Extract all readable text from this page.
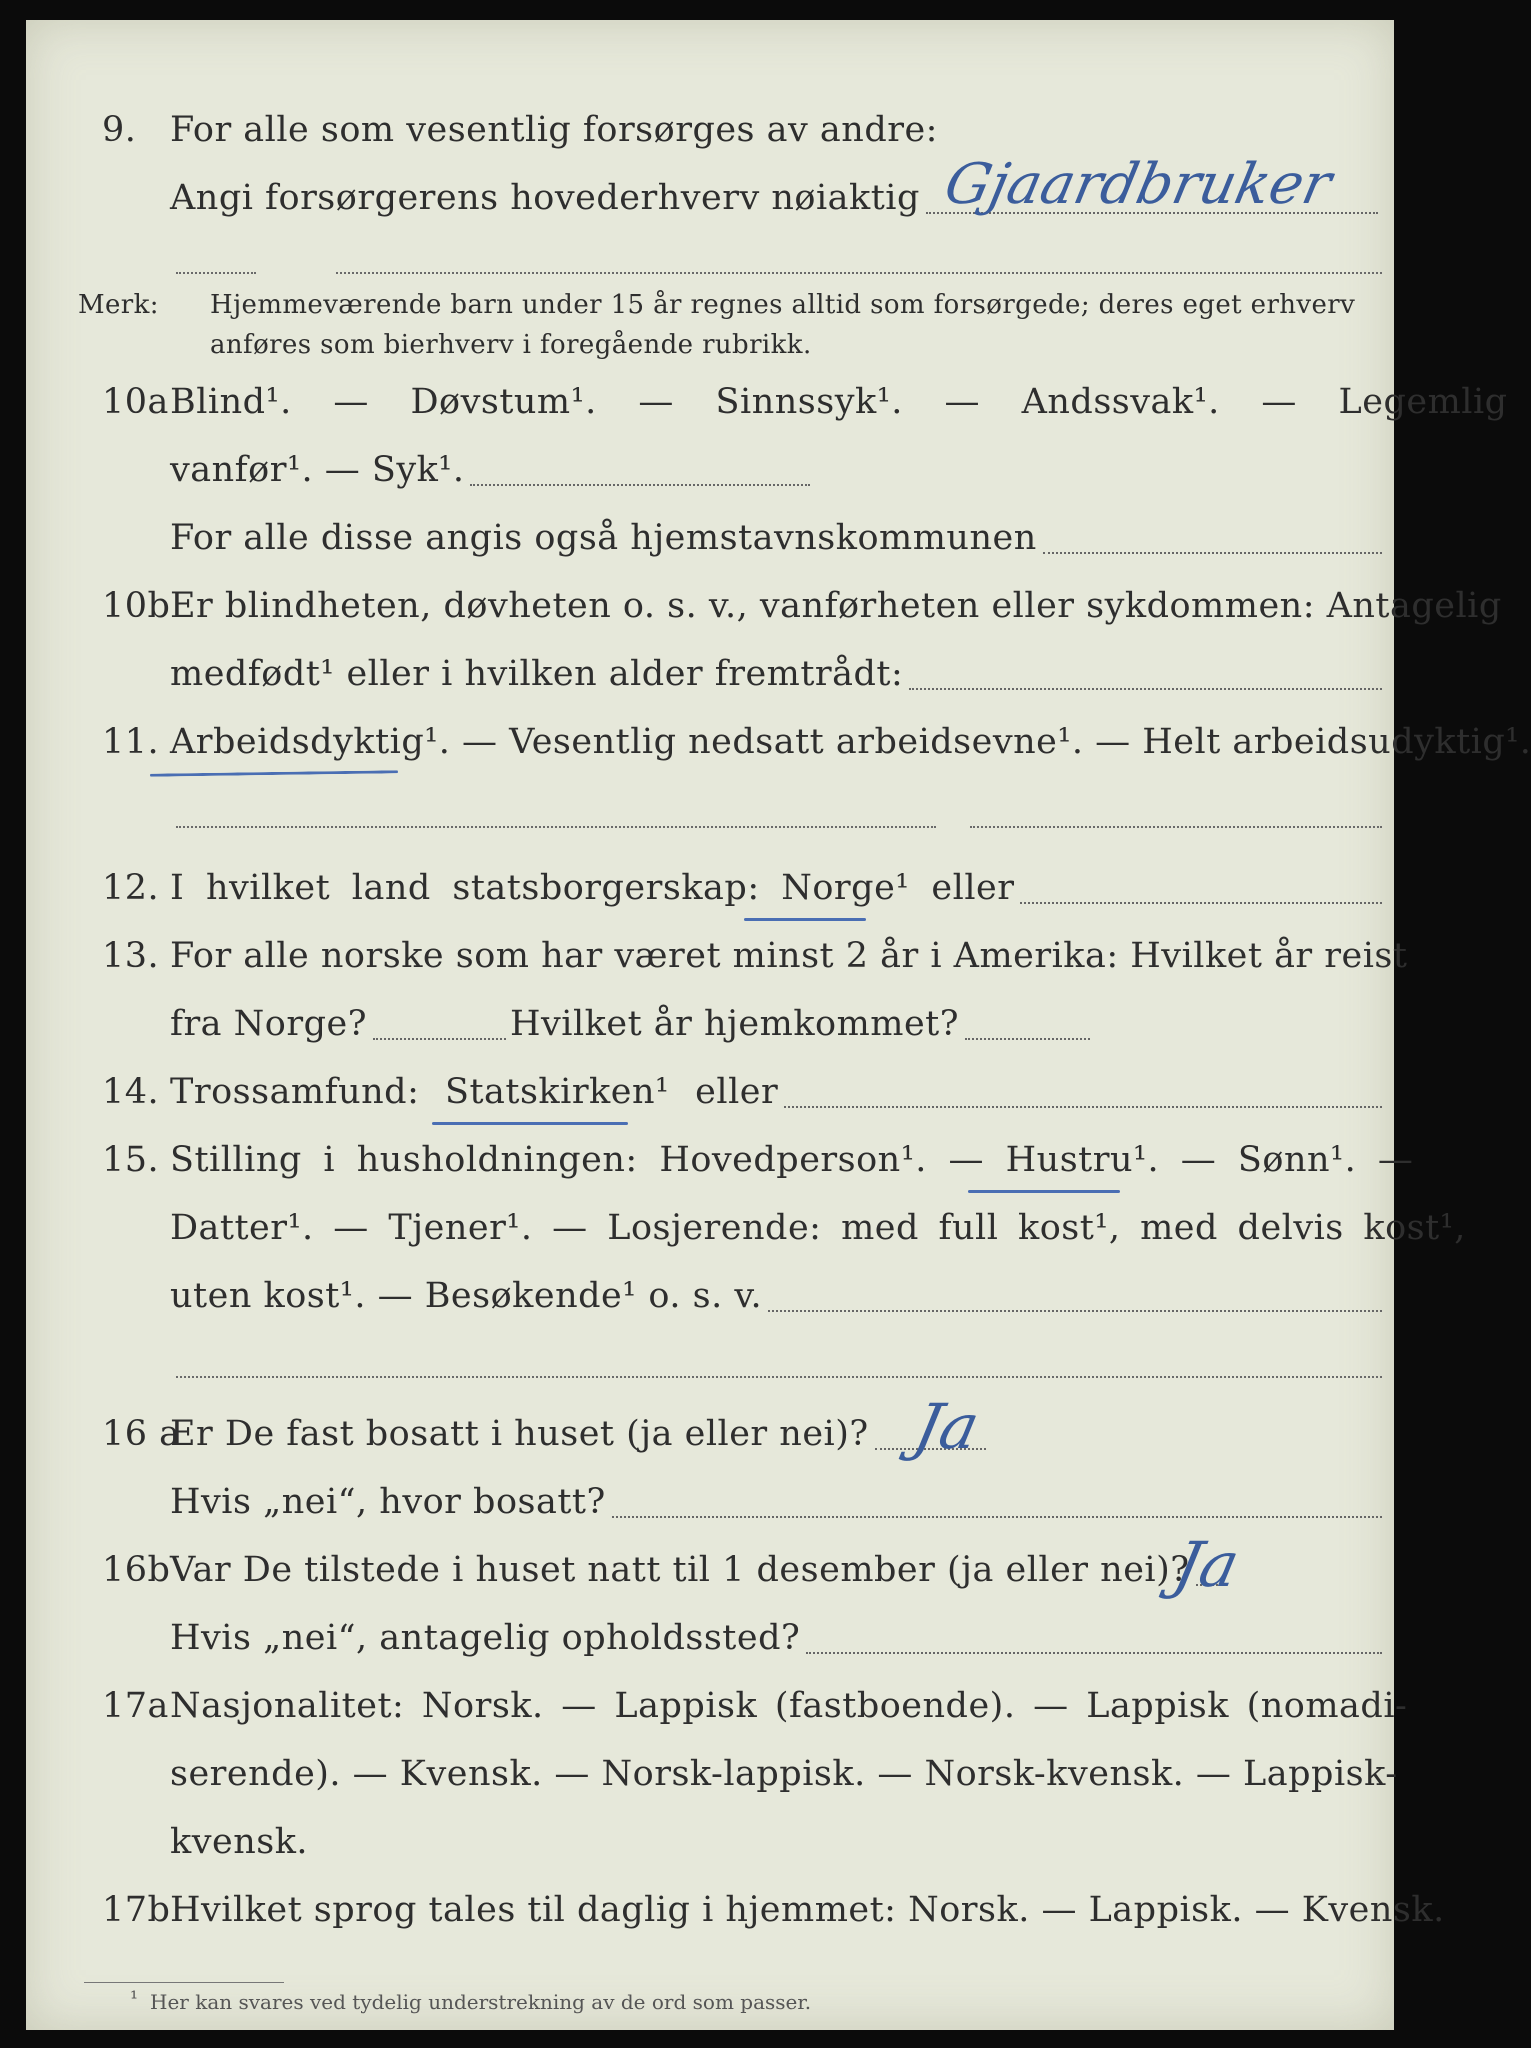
9. For alle som vesentlig forsørges av andre:
Angi forsørgerens hovederhverv nøiaktig Gjaardbruker
Merk: Hjemmeværende barn under 15 år regnes alltid som forsørgede; deres eget erhverv
anføres som bierhverv i foregående rubrikk.
10a Blind¹. — Døvstum¹. — Sinnssyk¹. — Andssvak¹. — Legemlig
vanfør¹. — Syk¹.
For alle disse angis også hjemstavnskommunen
10b Er blindheten, døvheten o. s. v., vanførheten eller sykdommen: Antagelig
medfødt¹ eller i hvilken alder fremtrådt:
11. Arbeidsdyktig¹. — Vesentlig nedsatt arbeidsevne¹. — Helt arbeidsudyktig¹.
12. I hvilket land statsborgerskap: Norge¹ eller
13. For alle norske som har været minst 2 år i Amerika: Hvilket år reist
fra Norge?	Hvilket år hjemkommet?
14. Trossamfund: Statskirken¹ eller
15. Stilling i husholdningen: Hovedperson¹. — Hustru¹. — Sønn¹. —
Datter¹. — Tjener¹. — Losjerende: med full kost¹, med delvis kost¹,
uten kost¹. — Besøkende¹ o. s. v.
16 a
Er De fast bosatt i huset (ja eller nei)? Ja
Hvis „nei“, hvor bosatt?
16b Var De tilstede i huset natt til 1 desember (ja eller nei)?
Ja
Hvis „nei“, antagelig opholdssted?
17a Nasjonalitet: Norsk. — Lappisk (fastboende). — Lappisk (nomadi-
serende). — Kvensk. — Norsk-lappisk. — Norsk-kvensk. — Lappisk-
kvensk.
17b Hvilket sprog tales til daglig i hjemmet: Norsk. — Lappisk. — Kvensk.
¹ Her kan svares ved tydelig understrekning av de ord som passer.
